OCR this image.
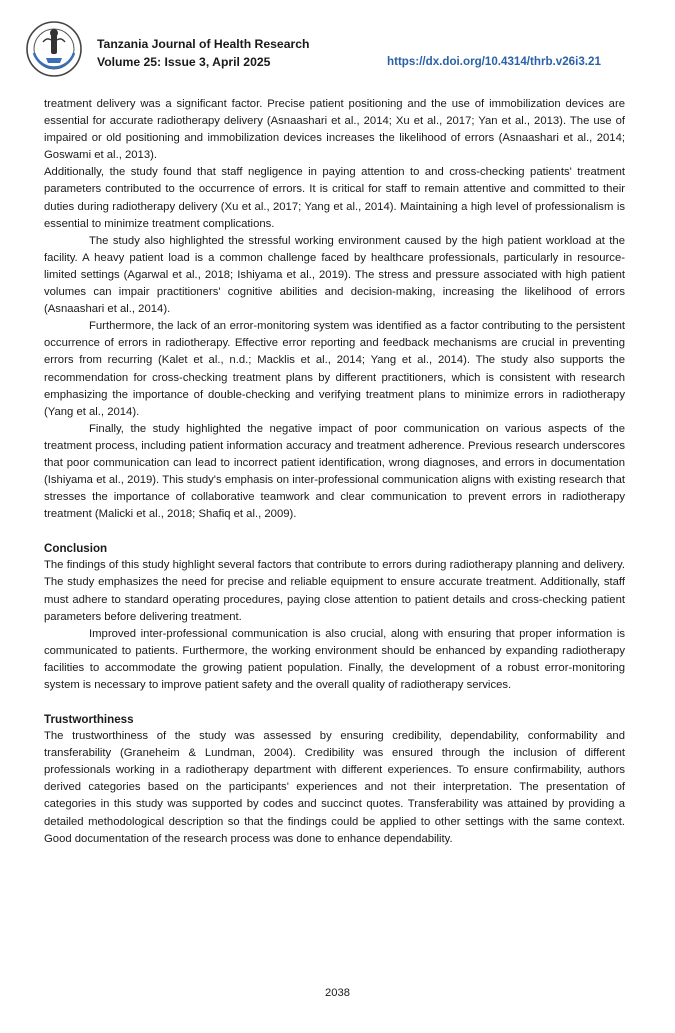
Tanzania Journal of Health Research
Volume 25: Issue 3, April 2025	https://dx.doi.org/10.4314/thrb.v26i3.21

treatment delivery was a significant factor. Precise patient positioning and the use of immobilization devices are essential for accurate radiotherapy delivery (Asnaashari et al., 2014; Xu et al., 2017; Yan et al., 2013). The use of impaired or old positioning and immobilization devices increases the likelihood of errors (Asnaashari et al., 2014; Goswami et al., 2013).

Additionally, the study found that staff negligence in paying attention to and cross-checking patients' treatment parameters contributed to the occurrence of errors. It is critical for staff to remain attentive and committed to their duties during radiotherapy delivery (Xu et al., 2017; Yang et al., 2014). Maintaining a high level of professionalism is essential to minimize treatment complications.

The study also highlighted the stressful working environment caused by the high patient workload at the facility. A heavy patient load is a common challenge faced by healthcare professionals, particularly in resource-limited settings (Agarwal et al., 2018; Ishiyama et al., 2019). The stress and pressure associated with high patient volumes can impair practitioners' cognitive abilities and decision-making, increasing the likelihood of errors (Asnaashari et al., 2014).

Furthermore, the lack of an error-monitoring system was identified as a factor contributing to the persistent occurrence of errors in radiotherapy. Effective error reporting and feedback mechanisms are crucial in preventing errors from recurring (Kalet et al., n.d.; Macklis et al., 2014; Yang et al., 2014). The study also supports the recommendation for cross-checking treatment plans by different practitioners, which is consistent with research emphasizing the importance of double-checking and verifying treatment plans to minimize errors in radiotherapy (Yang et al., 2014).

Finally, the study highlighted the negative impact of poor communication on various aspects of the treatment process, including patient information accuracy and treatment adherence. Previous research underscores that poor communication can lead to incorrect patient identification, wrong diagnoses, and errors in documentation (Ishiyama et al., 2019). This study's emphasis on inter-professional communication aligns with existing research that stresses the importance of collaborative teamwork and clear communication to prevent errors in radiotherapy treatment (Malicki et al., 2018; Shafiq et al., 2009).

Conclusion

The findings of this study highlight several factors that contribute to errors during radiotherapy planning and delivery. The study emphasizes the need for precise and reliable equipment to ensure accurate treatment. Additionally, staff must adhere to standard operating procedures, paying close attention to patient details and cross-checking patient parameters before delivering treatment.

Improved inter-professional communication is also crucial, along with ensuring that proper information is communicated to patients. Furthermore, the working environment should be enhanced by expanding radiotherapy facilities to accommodate the growing patient population. Finally, the development of a robust error-monitoring system is necessary to improve patient safety and the overall quality of radiotherapy services.

Trustworthiness

The trustworthiness of the study was assessed by ensuring credibility, dependability, conformability and transferability (Graneheim & Lundman, 2004). Credibility was ensured through the inclusion of different professionals working in a radiotherapy department with different experiences. To ensure confirmability, authors derived categories based on the participants' experiences and not their interpretation. The presentation of categories in this study was supported by codes and succinct quotes. Transferability was attained by providing a detailed methodological description so that the findings could be applied to other settings with the same context. Good documentation of the research process was done to enhance dependability.

2038
